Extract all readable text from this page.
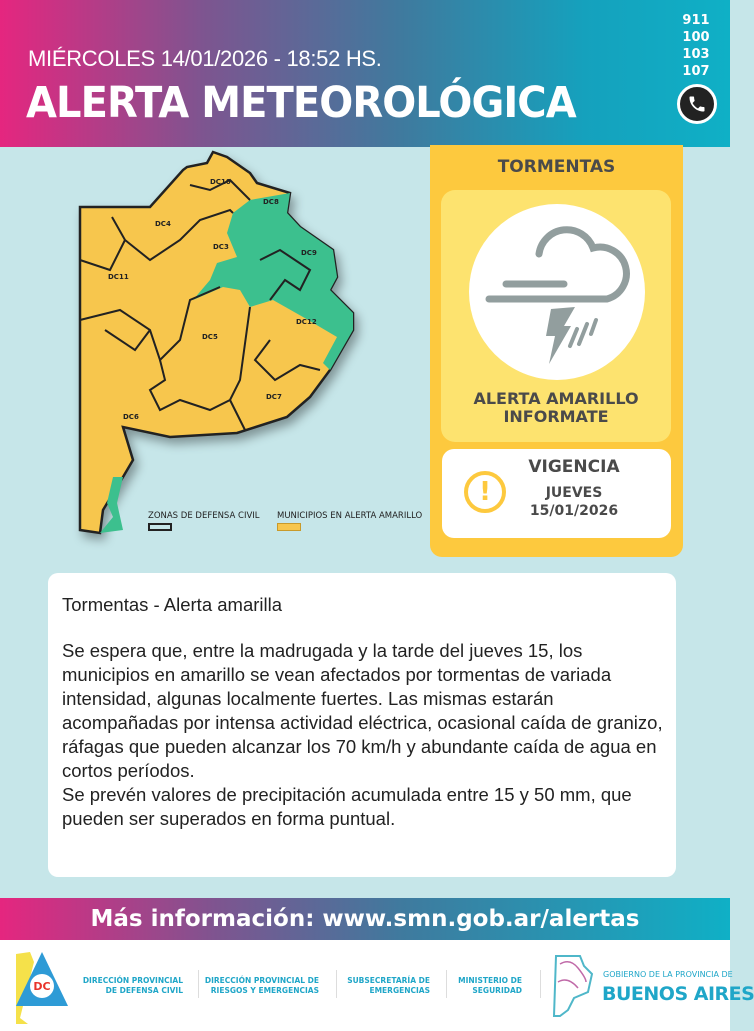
MIÉRCOLES 14/01/2026 - 18:52 HS.
ALERTA METEOROLÓGICA
911
100
103
107
DC10
DC8
DC4
DC3
DC9
DC11
DC12
DC5
DC7
DC6
ZONAS DE DEFENSA CIVIL MUNICIPIOS EN ALERTA AMARILLO
TORMENTAS
ALERTA AMARILLO
INFORMATE
!
VIGENCIA
JUEVES
15/01/2026
Tormentas - Alerta amarilla
Se espera que, entre la madrugada y la tarde del jueves 15, los municipios en amarillo se vean afectados por tormentas de variada intensidad, algunas localmente fuertes. Las mismas estarán acompañadas por intensa actividad eléctrica, ocasional caída de granizo, ráfagas que pueden alcanzar los 70 km/h y abundante caída de agua en cortos períodos.
Se prevén valores de precipitación acumulada entre 15 y 50 mm, que pueden ser superados en forma puntual.
Más información: www.smn.gob.ar/alertas
DC	DIRECCIÓN PROVINCIAL
DE DEFENSA CIVIL
DIRECCIÓN PROVINCIAL DE
RIESGOS Y EMERGENCIAS
SUBSECRETARÍA DE
EMERGENCIAS
MINISTERIO DE
SEGURIDAD
GOBIERNO DE LA PROVINCIA DE
BUENOS AIRES
